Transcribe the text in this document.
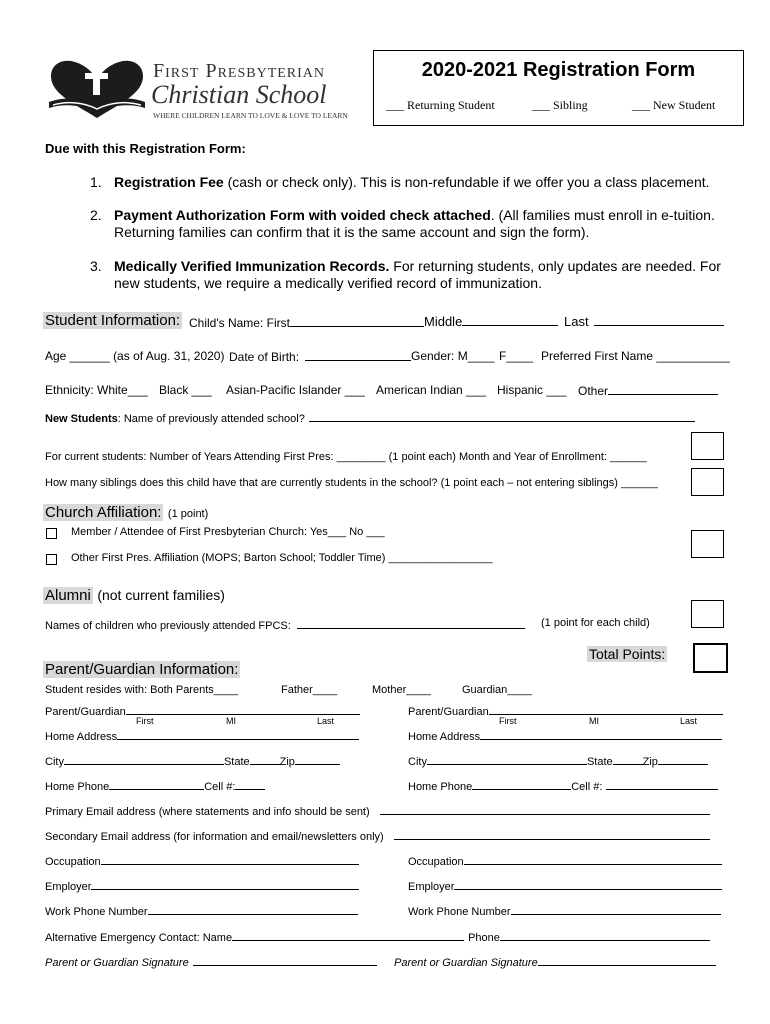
First Presbyterian
Christian School
WHERE CHILDREN LEARN TO LOVE & LOVE TO LEARN
2020-2021 Registration Form
___ Returning Student	___ Sibling	___ New Student
Due with this Registration Form:
1. Registration Fee (cash or check only). This is non-refundable if we offer you a class placement.
2. Payment Authorization Form with voided check attached. (All families must enroll in e-tuition. Returning families can confirm that it is the same account and sign the form).
3. Medically Verified Immunization Records. For returning students, only updates are needed. For new students, we require a medically verified record of immunization.
Student Information: Child's Name: First	Middle	Last
Age ______ (as of Aug. 31, 2020) Date of Birth:	Gender: M____ F____ Preferred First Name ___________
Ethnicity: White___ Black ___ Asian-Pacific Islander ___ American Indian ___ Hispanic ___ Other
New Students: Name of previously attended school?
For current students: Number of Years Attending First Pres: ________ (1 point each) Month and Year of Enrollment: ______
How many siblings does this child have that are currently students in the school? (1 point each – not entering siblings) ______
Church Affiliation: (1 point)
Member / Attendee of First Presbyterian Church: Yes___ No ___
Other First Pres. Affiliation (MOPS; Barton School; Toddler Time) _________________
Alumni (not current families)
Names of children who previously attended FPCS:	(1 point for each child)
Total Points:
Parent/Guardian Information:
Student resides with: Both Parents____	Father____	Mother____	Guardian____
Parent/Guardian
First	MI	Last
Home Address
City	State	Zip
Home Phone	Cell #:
Parent/Guardian
First	MI	Last
Home Address
City	State	Zip
Home Phone	Cell #:
Primary Email address (where statements and info should be sent)
Secondary Email address (for information and email/newsletters only)
Occupation	Occupation
Employer	Employer
Work Phone Number	Work Phone Number
Alternative Emergency Contact: Name	Phone
Parent or Guardian Signature	Parent or Guardian Signature
